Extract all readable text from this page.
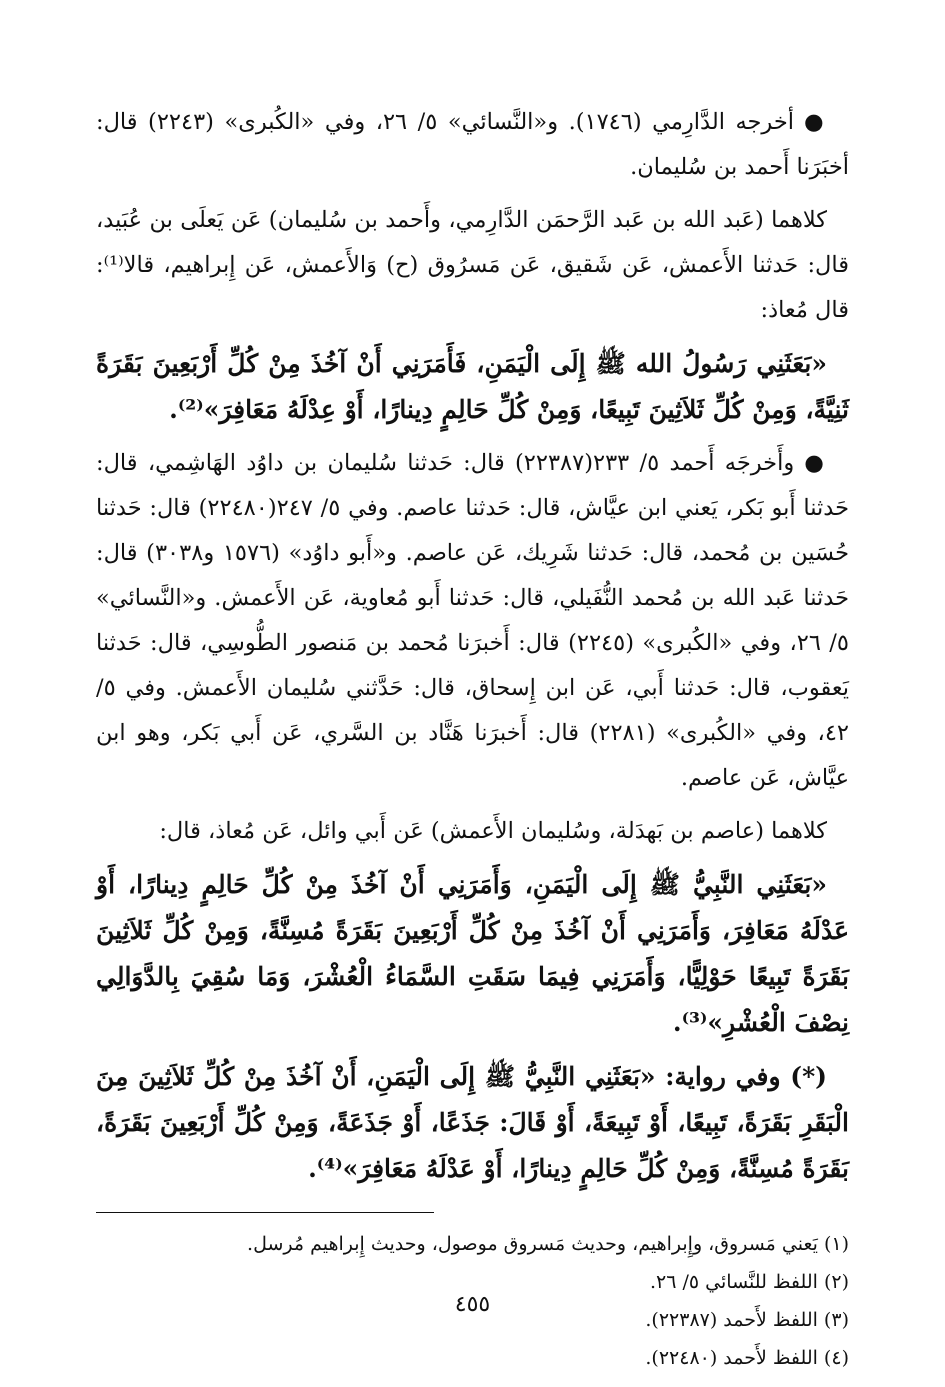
●أخرجه الدَّارِمي (١٧٤٦). و«النَّسائي» ٥/ ٢٦، وفي «الكُبرى» (٢٢٤٣) قال: أخبَرَنا أَحمد بن سُليمان.

كلاهما (عَبد الله بن عَبد الرَّحمَن الدَّارِمي، وأَحمد بن سُليمان) عَن يَعلَى بن عُبَيد، قال: حَدثنا الأَعمش، عَن شَقيق، عَن مَسرُوق (ح) وَالأَعمش، عَن إِبراهيم، قالا⁽¹⁾: قال مُعاذ:

«بَعَثَنِي رَسُولُ الله ﷺ إِلَى الْيَمَنِ، فَأَمَرَنِي أَنْ آخُذَ مِنْ كُلِّ أَرْبَعِينَ بَقَرَةً ثَنِيَّةً، وَمِنْ كُلِّ ثَلاَثِينَ تَبِيعًا، وَمِنْ كُلِّ حَالِمٍ دِينارًا، أَوْ عِدْلَهُ مَعَافِرَ»⁽²⁾.

●وأَخرجَه أَحمد ٥/ ٢٣٣(٢٢٣٨٧) قال: حَدثنا سُليمان بن داوُد الهَاشِمي، قال: حَدثنا أَبو بَكر، يَعني ابن عيَّاش، قال: حَدثنا عاصم. وفي ٥/ ٢٤٧(٢٢٤٨٠) قال: حَدثنا حُسَين بن مُحمد، قال: حَدثنا شَرِيك، عَن عاصم. و«أَبو داوُد» (١٥٧٦ و٣٠٣٨) قال: حَدثنا عَبد الله بن مُحمد النُّفَيلي، قال: حَدثنا أَبو مُعاوية، عَن الأَعمش. و«النَّسائي» ٥/ ٢٦، وفي «الكُبرى» (٢٢٤٥) قال: أَخبرَنا مُحمد بن مَنصور الطُّوسِي، قال: حَدثنا يَعقوب، قال: حَدثنا أَبي، عَن ابن إِسحاق، قال: حَدَّثني سُليمان الأَعمش. وفي ٥/ ٤٢، وفي «الكُبرى» (٢٢٨١) قال: أَخبرَنا هَنَّاد بن السَّري، عَن أَبي بَكر، وهو ابن عيَّاش، عَن عاصم.

كلاهما (عاصم بن بَهدَلة، وسُليمان الأَعمش) عَن أَبي وائل، عَن مُعاذ، قال:

«بَعَثَنِي النَّبِيُّ ﷺ إِلَى الْيَمَنِ، وَأَمَرَنِي أَنْ آخُذَ مِنْ كُلِّ حَالِمٍ دِينارًا، أَوْ عَدْلَهُ مَعَافِرَ، وَأَمَرَنِي أَنْ آخُذَ مِنْ كُلِّ أَرْبَعِينَ بَقَرَةً مُسِنَّةً، وَمِنْ كُلِّ ثَلاَثِينَ بَقَرَةً تَبِيعًا حَوْلِيًّا، وَأَمَرَنِي فِيمَا سَقَتِ السَّمَاءُ الْعُشْرَ، وَمَا سُقِيَ بِالدَّوَالِي نِصْفَ الْعُشْرِ»⁽³⁾.

(*) وفي رواية: «بَعَثَنِي النَّبِيُّ ﷺ إِلَى الْيَمَنِ، أَنْ آخُذَ مِنْ كُلِّ ثَلاَثِينَ مِنَ الْبَقَرِ بَقَرَةً، تَبِيعًا، أَوْ تَبِيعَةً، أَوْ قَالَ: جَذَعًا، أَوْ جَذَعَةً، وَمِنْ كُلِّ أَرْبَعِينَ بَقَرَةً، بَقَرَةً مُسِنَّةً، وَمِنْ كُلِّ حَالِمٍ دِينارًا، أَوْ عَدْلَهُ مَعَافِرَ»⁽⁴⁾.

(١) يَعني مَسروق، وإِبراهيم، وحديث مَسروق موصول، وحديث إِبراهيم مُرسل.

(٢) اللفظ للنَّسائي ٥/ ٢٦.

(٣) اللفظ لأَحمد (٢٢٣٨٧).

(٤) اللفظ لأَحمد (٢٢٤٨٠).

٤٥٥
